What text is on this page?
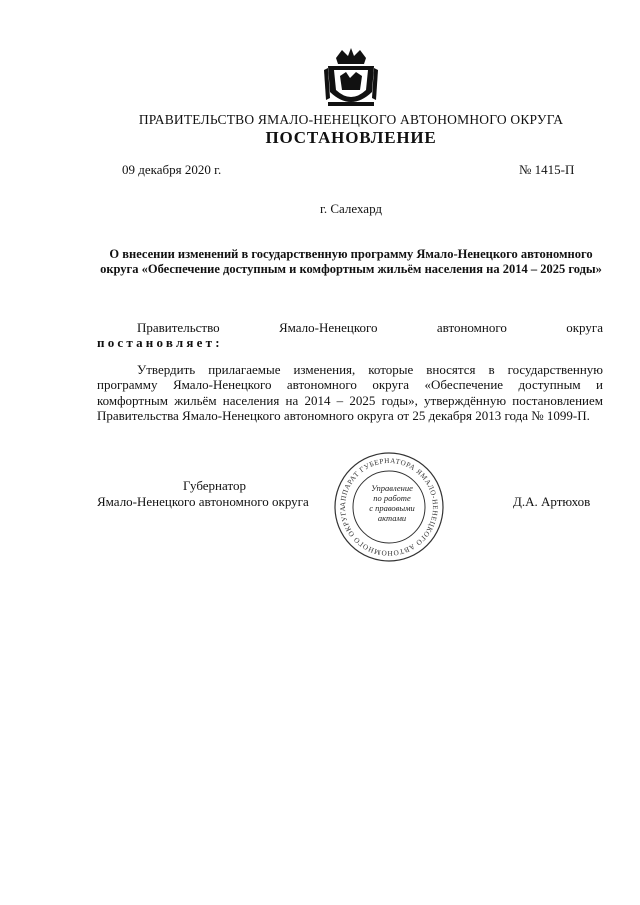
ПРАВИТЕЛЬСТВО ЯМАЛО-НЕНЕЦКОГО АВТОНОМНОГО ОКРУГА
ПОСТАНОВЛЕНИЕ
09 декабря 2020 г.	№ 1415-П
г. Салехард
О внесении изменений в государственную программу Ямало-Ненецкого автономного округа «Обеспечение доступным и комфортным жильём населения на 2014 – 2025 годы»
Правительство	Ямало-Ненецкого	автономного	округа
постановляет:
Утвердить прилагаемые изменения, которые вносятся в государственную программу Ямало-Ненецкого автономного округа «Обеспечение доступным и комфортным жильём населения на 2014 – 2025 годы», утверждённую постановлением Правительства Ямало-Ненецкого автономного округа от 25 декабря 2013 года № 1099-П.
Губернатор
Ямало-Ненецкого автономного округа	Д.А. Артюхов
АППАРАТ ГУБЕРНАТОРА ЯМАЛО-НЕНЕЦКОГО АВТОНОМНОГО ОКРУГА
Управление
по работе
с правовыми
актами
